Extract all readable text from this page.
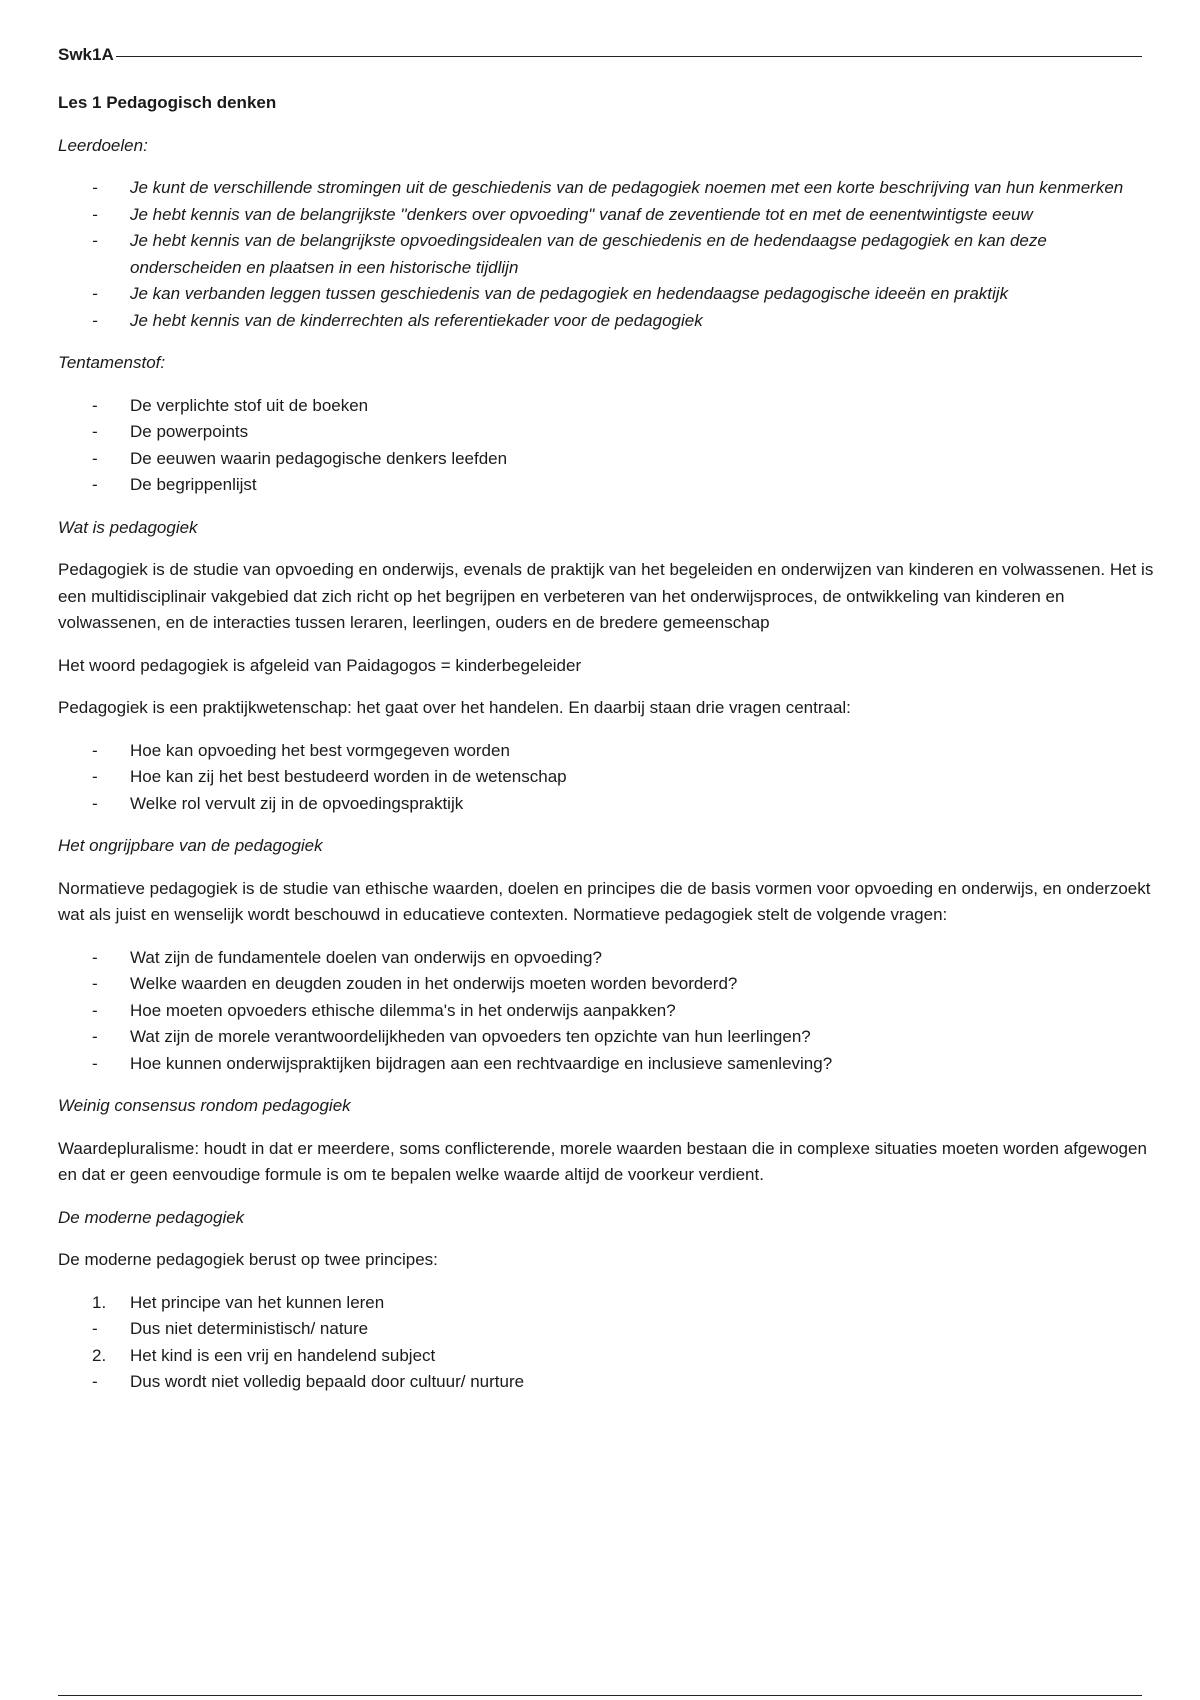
Swk1A

Les 1 Pedagogisch denken

Leerdoelen:

-	Je kunt de verschillende stromingen uit de geschiedenis van de pedagogiek noemen met een korte beschrijving van hun kenmerken
-	Je hebt kennis van de belangrijkste ''denkers over opvoeding" vanaf de zeventiende tot en met de eenentwintigste eeuw
-	Je hebt kennis van de belangrijkste opvoedingsidealen van de geschiedenis en de hedendaagse pedagogiek en kan deze onderscheiden en plaatsen in een historische tijdlijn
-	Je kan verbanden leggen tussen geschiedenis van de pedagogiek en hedendaagse pedagogische ideeën en praktijk
-	Je hebt kennis van de kinderrechten als referentiekader voor de pedagogiek

Tentamenstof:

-	De verplichte stof uit de boeken
-	De powerpoints
-	De eeuwen waarin pedagogische denkers leefden
-	De begrippenlijst

Wat is pedagogiek

Pedagogiek is de studie van opvoeding en onderwijs, evenals de praktijk van het begeleiden en onderwijzen van kinderen en volwassenen. Het is een multidisciplinair vakgebied dat zich richt op het begrijpen en verbeteren van het onderwijsproces, de ontwikkeling van kinderen en volwassenen, en de interacties tussen leraren, leerlingen, ouders en de bredere gemeenschap

Het woord pedagogiek is afgeleid van Paidagogos = kinderbegeleider

Pedagogiek is een praktijkwetenschap: het gaat over het handelen. En daarbij staan drie vragen centraal:

-	Hoe kan opvoeding het best vormgegeven worden
-	Hoe kan zij het best bestudeerd worden in de wetenschap
-	Welke rol vervult zij in de opvoedingspraktijk

Het ongrijpbare van de pedagogiek

Normatieve pedagogiek is de studie van ethische waarden, doelen en principes die de basis vormen voor opvoeding en onderwijs, en onderzoekt wat als juist en wenselijk wordt beschouwd in educatieve contexten. Normatieve pedagogiek stelt de volgende vragen:

-	Wat zijn de fundamentele doelen van onderwijs en opvoeding?
-	Welke waarden en deugden zouden in het onderwijs moeten worden bevorderd?
-	Hoe moeten opvoeders ethische dilemma's in het onderwijs aanpakken?
-	Wat zijn de morele verantwoordelijkheden van opvoeders ten opzichte van hun leerlingen?
-	Hoe kunnen onderwijspraktijken bijdragen aan een rechtvaardige en inclusieve samenleving?

Weinig consensus rondom pedagogiek

Waardepluralisme: houdt in dat er meerdere, soms conflicterende, morele waarden bestaan die in complexe situaties moeten worden afgewogen en dat er geen eenvoudige formule is om te bepalen welke waarde altijd de voorkeur verdient.

De moderne pedagogiek

De moderne pedagogiek berust op twee principes:

1.	Het principe van het kunnen leren
-	Dus niet deterministisch/ nature
2.	Het kind is een vrij en handelend subject
-	Dus wordt niet volledig bepaald door cultuur/ nurture
